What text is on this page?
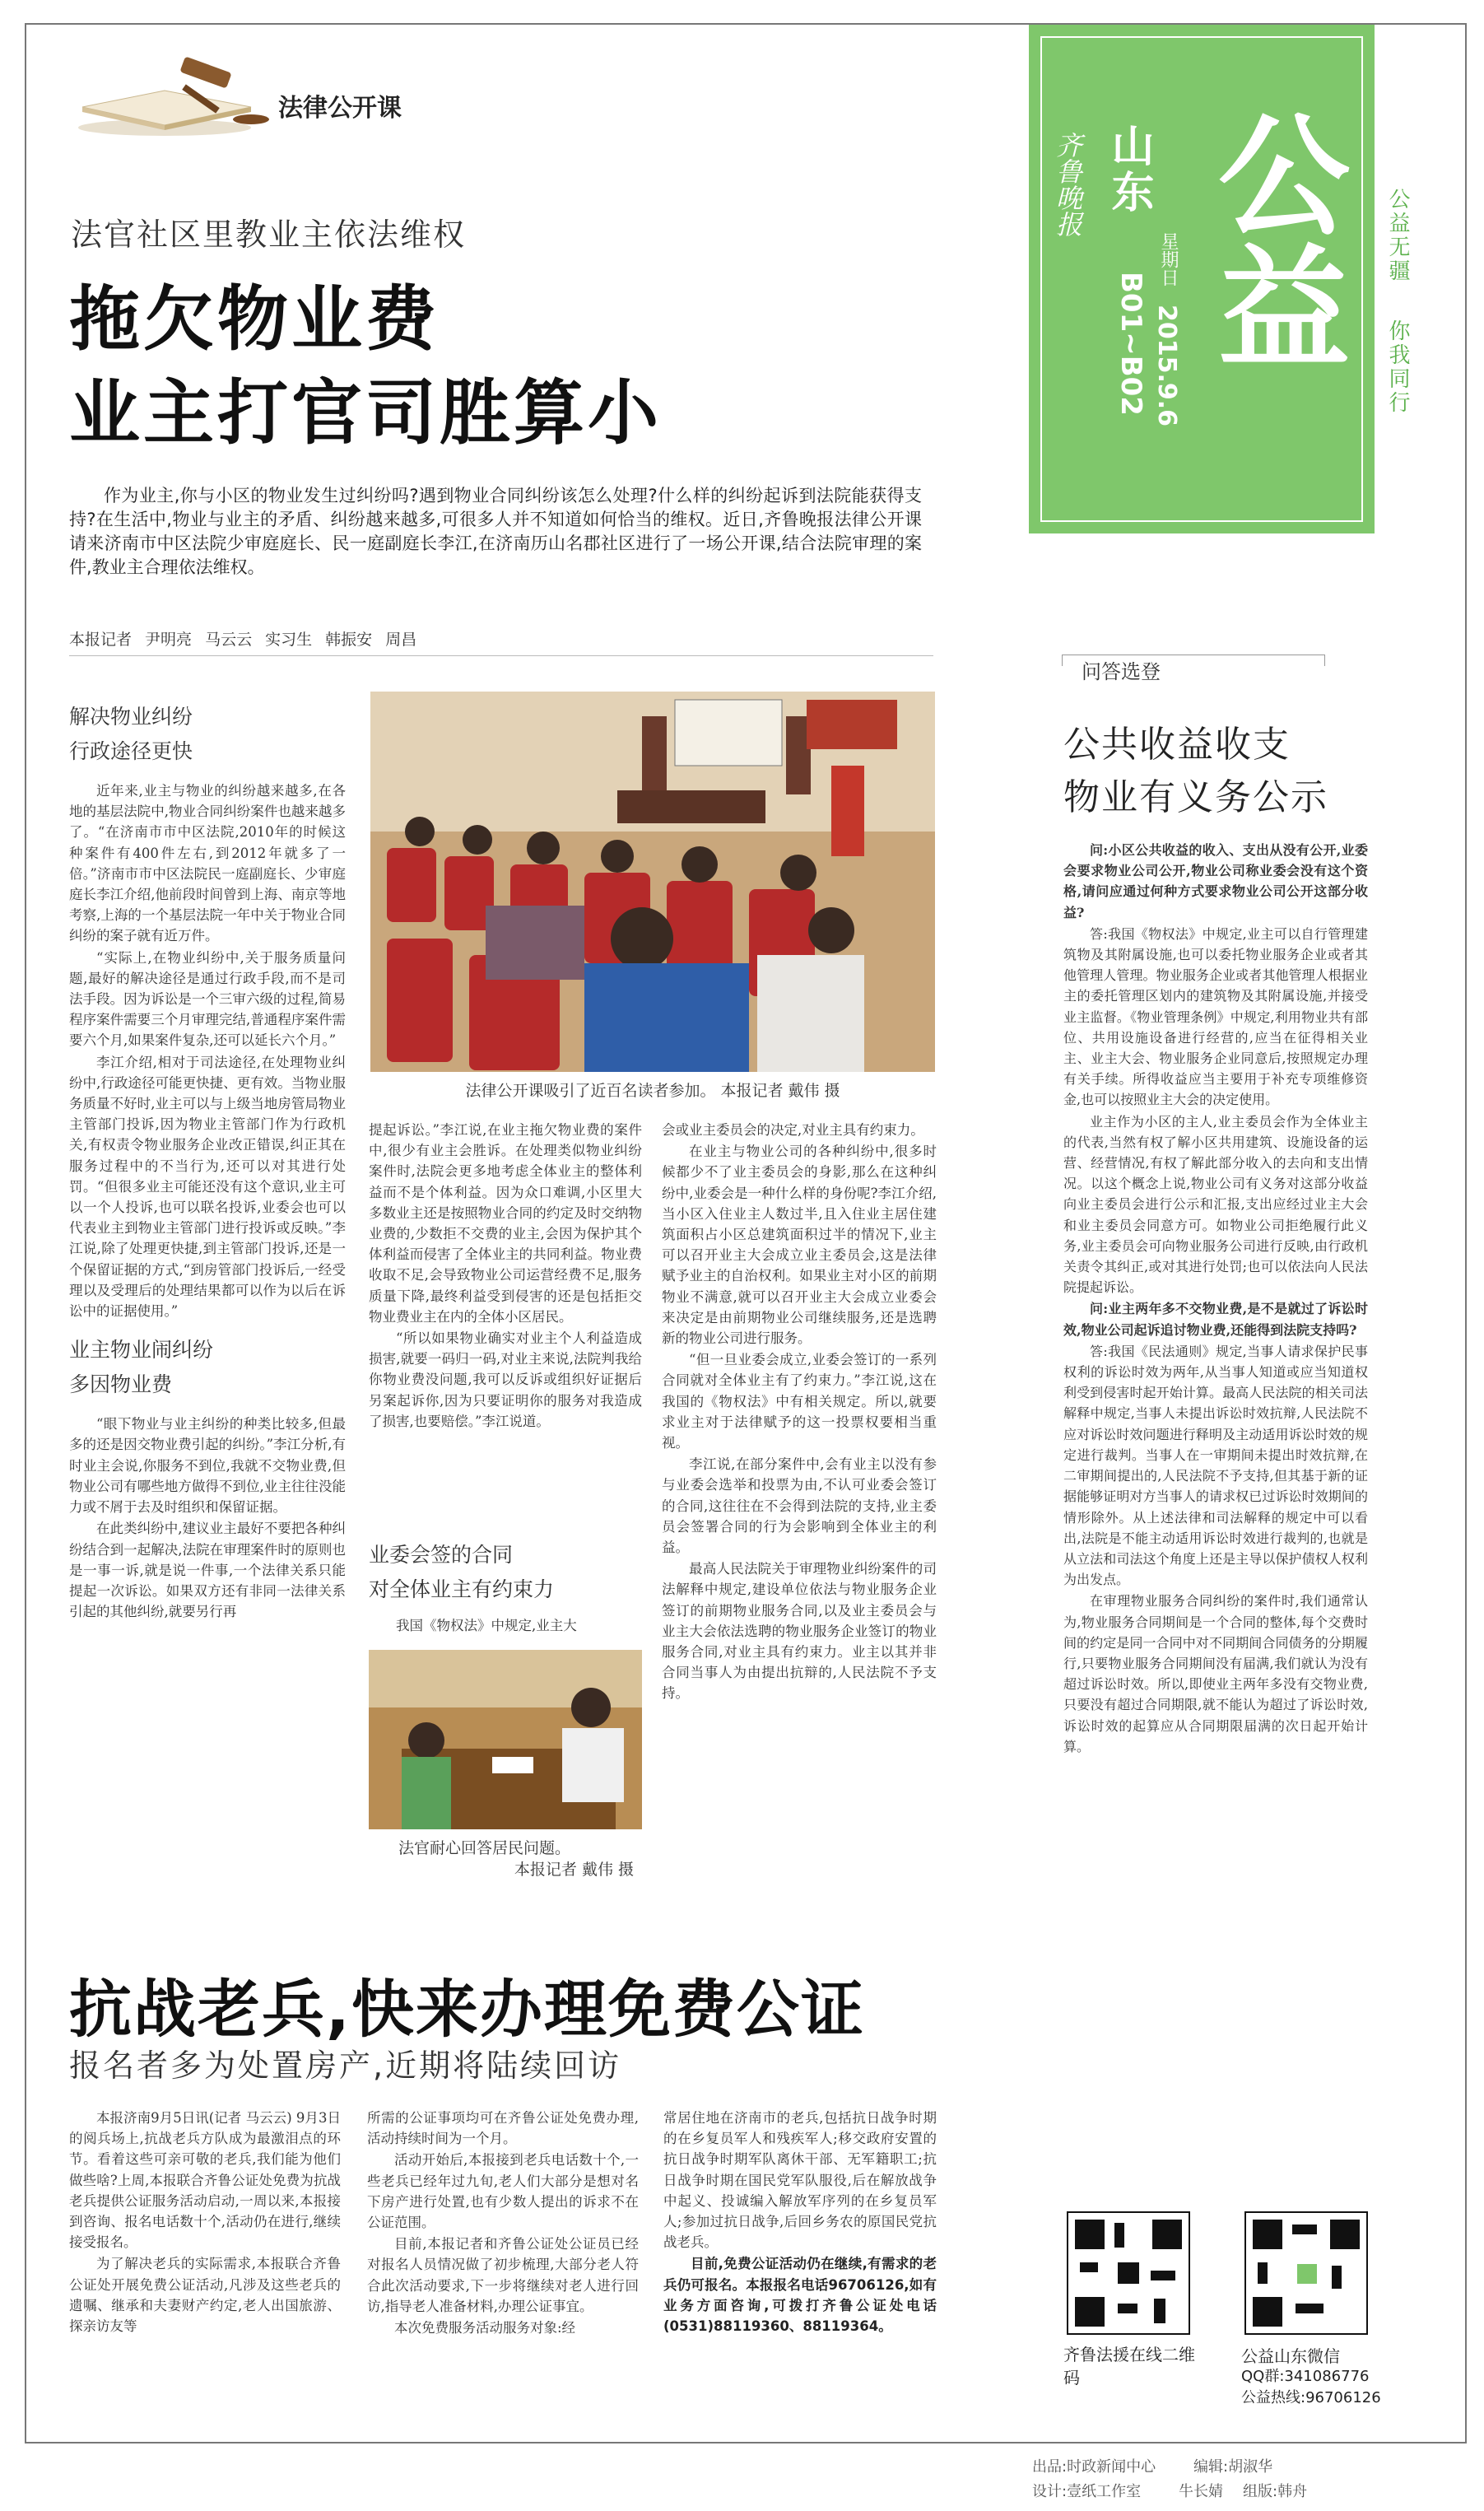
法律公开课
法官社区里教业主依法维权
拖欠物业费
业主打官司胜算小
作为业主,你与小区的物业发生过纠纷吗?遇到物业合同纠纷该怎么处理?什么样的纠纷起诉到法院能获得支持?在生活中,物业与业主的矛盾、纠纷越来越多,可很多人并不知道如何恰当的维权。近日,齐鲁晚报法律公开课请来济南市中区法院少审庭庭长、民一庭副庭长李江,在济南历山名郡社区进行了一场公开课,结合法院审理的案件,教业主合理依法维权。
本报记者 尹明亮 马云云 实习生 韩振安 周昌
解决物业纠纷
行政途径更快

近年来,业主与物业的纠纷越来越多,在各地的基层法院中,物业合同纠纷案件也越来越多了。“在济南市市中区法院,2010年的时候这种案件有400件左右,到2012年就多了一倍。”济南市市中区法院民一庭副庭长、少审庭庭长李江介绍,他前段时间曾到上海、南京等地考察,上海的一个基层法院一年中关于物业合同纠纷的案子就有近万件。

“实际上,在物业纠纷中,关于服务质量问题,最好的解决途径是通过行政手段,而不是司法手段。因为诉讼是一个三审六级的过程,简易程序案件需要三个月审理完结,普通程序案件需要六个月,如果案件复杂,还可以延长六个月。”

李江介绍,相对于司法途径,在处理物业纠纷中,行政途径可能更快捷、更有效。当物业服务质量不好时,业主可以与上级当地房管局物业主管部门投诉,因为物业主管部门作为行政机关,有权责令物业服务企业改正错误,纠正其在服务过程中的不当行为,还可以对其进行处罚。“但很多业主可能还没有这个意识,业主可以一个人投诉,也可以联名投诉,业委会也可以代表业主到物业主管部门进行投诉或反映。”李江说,除了处理更快捷,到主管部门投诉,还是一个保留证据的方式,“到房管部门投诉后,一经受理以及受理后的处理结果都可以作为以后在诉讼中的证据使用。”

业主物业闹纠纷
多因物业费

“眼下物业与业主纠纷的种类比较多,但最多的还是因交物业费引起的纠纷。”李江分析,有时业主会说,你服务不到位,我就不交物业费,但物业公司有哪些地方做得不到位,业主往往没能力或不屑于去及时组织和保留证据。

在此类纠纷中,建议业主最好不要把各种纠纷结合到一起解决,法院在审理案件时的原则也是一事一诉,就是说一件事,一个法律关系只能提起一次诉讼。如果双方还有非同一法律关系引起的其他纠纷,就要另行再

法律公开课吸引了近百名读者参加。 本报记者 戴伟 摄

提起诉讼。”李江说,在业主拖欠物业费的案件中,很少有业主会胜诉。在处理类似物业纠纷案件时,法院会更多地考虑全体业主的整体利益而不是个体利益。因为众口难调,小区里大多数业主还是按照物业合同的约定及时交纳物业费的,少数拒不交费的业主,会因为保护其个体利益而侵害了全体业主的共同利益。物业费收取不足,会导致物业公司运营经费不足,服务质量下降,最终利益受到侵害的还是包括拒交物业费业主在内的全体小区居民。

“所以如果物业确实对业主个人利益造成损害,就要一码归一码,对业主来说,法院判我给你物业费没问题,我可以反诉或组织好证据后另案起诉你,因为只要证明你的服务对我造成了损害,也要赔偿。”李江说道。

业委会签的合同
对全体业主有约束力
我国《物权法》中规定,业主大
法官耐心回答居民问题。
本报记者 戴伟 摄

会或业主委员会的决定,对业主具有约束力。

在业主与物业公司的各种纠纷中,很多时候都少不了业主委员会的身影,那么在这种纠纷中,业委会是一种什么样的身份呢?李江介绍,当小区入住业主人数过半,且入住业主居住建筑面积占小区总建筑面积过半的情况下,业主可以召开业主大会成立业主委员会,这是法律赋予业主的自治权利。如果业主对小区的前期物业不满意,就可以召开业主大会成立业委会来决定是由前期物业公司继续服务,还是选聘新的物业公司进行服务。

“但一旦业委会成立,业委会签订的一系列合同就对全体业主有了约束力。”李江说,这在我国的《物权法》中有相关规定。所以,就要求业主对于法律赋予的这一投票权要相当重视。

李江说,在部分案件中,会有业主以没有参与业委会选举和投票为由,不认可业委会签订的合同,这往往在不会得到法院的支持,业主委员会签署合同的行为会影响到全体业主的利益。

最高人民法院关于审理物业纠纷案件的司法解释中规定,建设单位依法与物业服务企业签订的前期物业服务合同,以及业主委员会与业主大会依法选聘的物业服务企业签订的物业服务合同,对业主具有约束力。业主以其并非合同当事人为由提出抗辩的,人民法院不予支持。

抗战老兵,快来办理免费公证
报名者多为处置房产,近期将陆续回访

本报济南9月5日讯(记者 马云云) 9月3日的阅兵场上,抗战老兵方队成为最激泪点的环节。看着这些可亲可敬的老兵,我们能为他们做些啥?上周,本报联合齐鲁公证处免费为抗战老兵提供公证服务活动启动,一周以来,本报接到咨询、报名电话数十个,活动仍在进行,继续接受报名。

为了解决老兵的实际需求,本报联合齐鲁公证处开展免费公证活动,凡涉及这些老兵的遗嘱、继承和夫妻财产约定,老人出国旅游、探亲访友等

所需的公证事项均可在齐鲁公证处免费办理,活动持续时间为一个月。

活动开始后,本报接到老兵电话数十个,一些老兵已经年过九旬,老人们大部分是想对名下房产进行处置,也有少数人提出的诉求不在公证范围。

目前,本报记者和齐鲁公证处公证员已经对报名人员情况做了初步梳理,大部分老人符合此次活动要求,下一步将继续对老人进行回访,指导老人准备材料,办理公证事宜。

本次免费服务活动服务对象:经

常居住地在济南市的老兵,包括抗日战争时期的在乡复员军人和残疾军人;移交政府安置的抗日战争时期军队离休干部、无军籍职工;抗日战争时期在国民党军队服役,后在解放战争中起义、投诚编入解放军序列的在乡复员军人;参加过抗日战争,后回乡务农的原国民党抗战老兵。

目前,免费公证活动仍在继续,有需求的老兵仍可报名。本报报名电话96706126,如有业务方面咨询,可拨打齐鲁公证处电话(0531)88119360、88119364。

齐鲁晚报 山东
星期日
2015.9.6
B01~B02 公益 公益无疆
你我同行
问答选登
公共收益收支
物业有义务公示

问:小区公共收益的收入、支出从没有公开,业委会要求物业公司公开,物业公司称业委会没有这个资格,请问应通过何种方式要求物业公司公开这部分收益?

答:我国《物权法》中规定,业主可以自行管理建筑物及其附属设施,也可以委托物业服务企业或者其他管理人管理。物业服务企业或者其他管理人根据业主的委托管理区划内的建筑物及其附属设施,并接受业主监督。《物业管理条例》中规定,利用物业共有部位、共用设施设备进行经营的,应当在征得相关业主、业主大会、物业服务企业同意后,按照规定办理有关手续。所得收益应当主要用于补充专项维修资金,也可以按照业主大会的决定使用。

业主作为小区的主人,业主委员会作为全体业主的代表,当然有权了解小区共用建筑、设施设备的运营、经营情况,有权了解此部分收入的去向和支出情况。以这个概念上说,物业公司有义务对这部分收益向业主委员会进行公示和汇报,支出应经过业主大会和业主委员会同意方可。如物业公司拒绝履行此义务,业主委员会可向物业服务公司进行反映,由行政机关责令其纠正,或对其进行处罚;也可以依法向人民法院提起诉讼。

问:业主两年多不交物业费,是不是就过了诉讼时效,物业公司起诉追讨物业费,还能得到法院支持吗?

答:我国《民法通则》规定,当事人请求保护民事权利的诉讼时效为两年,从当事人知道或应当知道权利受到侵害时起开始计算。最高人民法院的相关司法解释中规定,当事人未提出诉讼时效抗辩,人民法院不应对诉讼时效问题进行释明及主动适用诉讼时效的规定进行裁判。当事人在一审期间未提出时效抗辩,在二审期间提出的,人民法院不予支持,但其基于新的证据能够证明对方当事人的请求权已过诉讼时效期间的情形除外。从上述法律和司法解释的规定中可以看出,法院是不能主动适用诉讼时效进行裁判的,也就是从立法和司法这个角度上还是主导以保护债权人权利为出发点。

在审理物业服务合同纠纷的案件时,我们通常认为,物业服务合同期间是一个合同的整体,每个交费时间的约定是同一合同中对不同期间合同债务的分期履行,只要物业服务合同期间没有届满,我们就认为没有超过诉讼时效。所以,即使业主两年多没有交物业费,只要没有超过合同期限,就不能认为超过了诉讼时效,诉讼时效的起算应从合同期限届满的次日起开始计算。

齐鲁法援在线二维码
公益山东微信
QQ群:341086776
公益热线:96706126
出品:时政新闻中心	编辑:胡淑华
设计:壹纸工作室	牛长婧 组版:韩舟
